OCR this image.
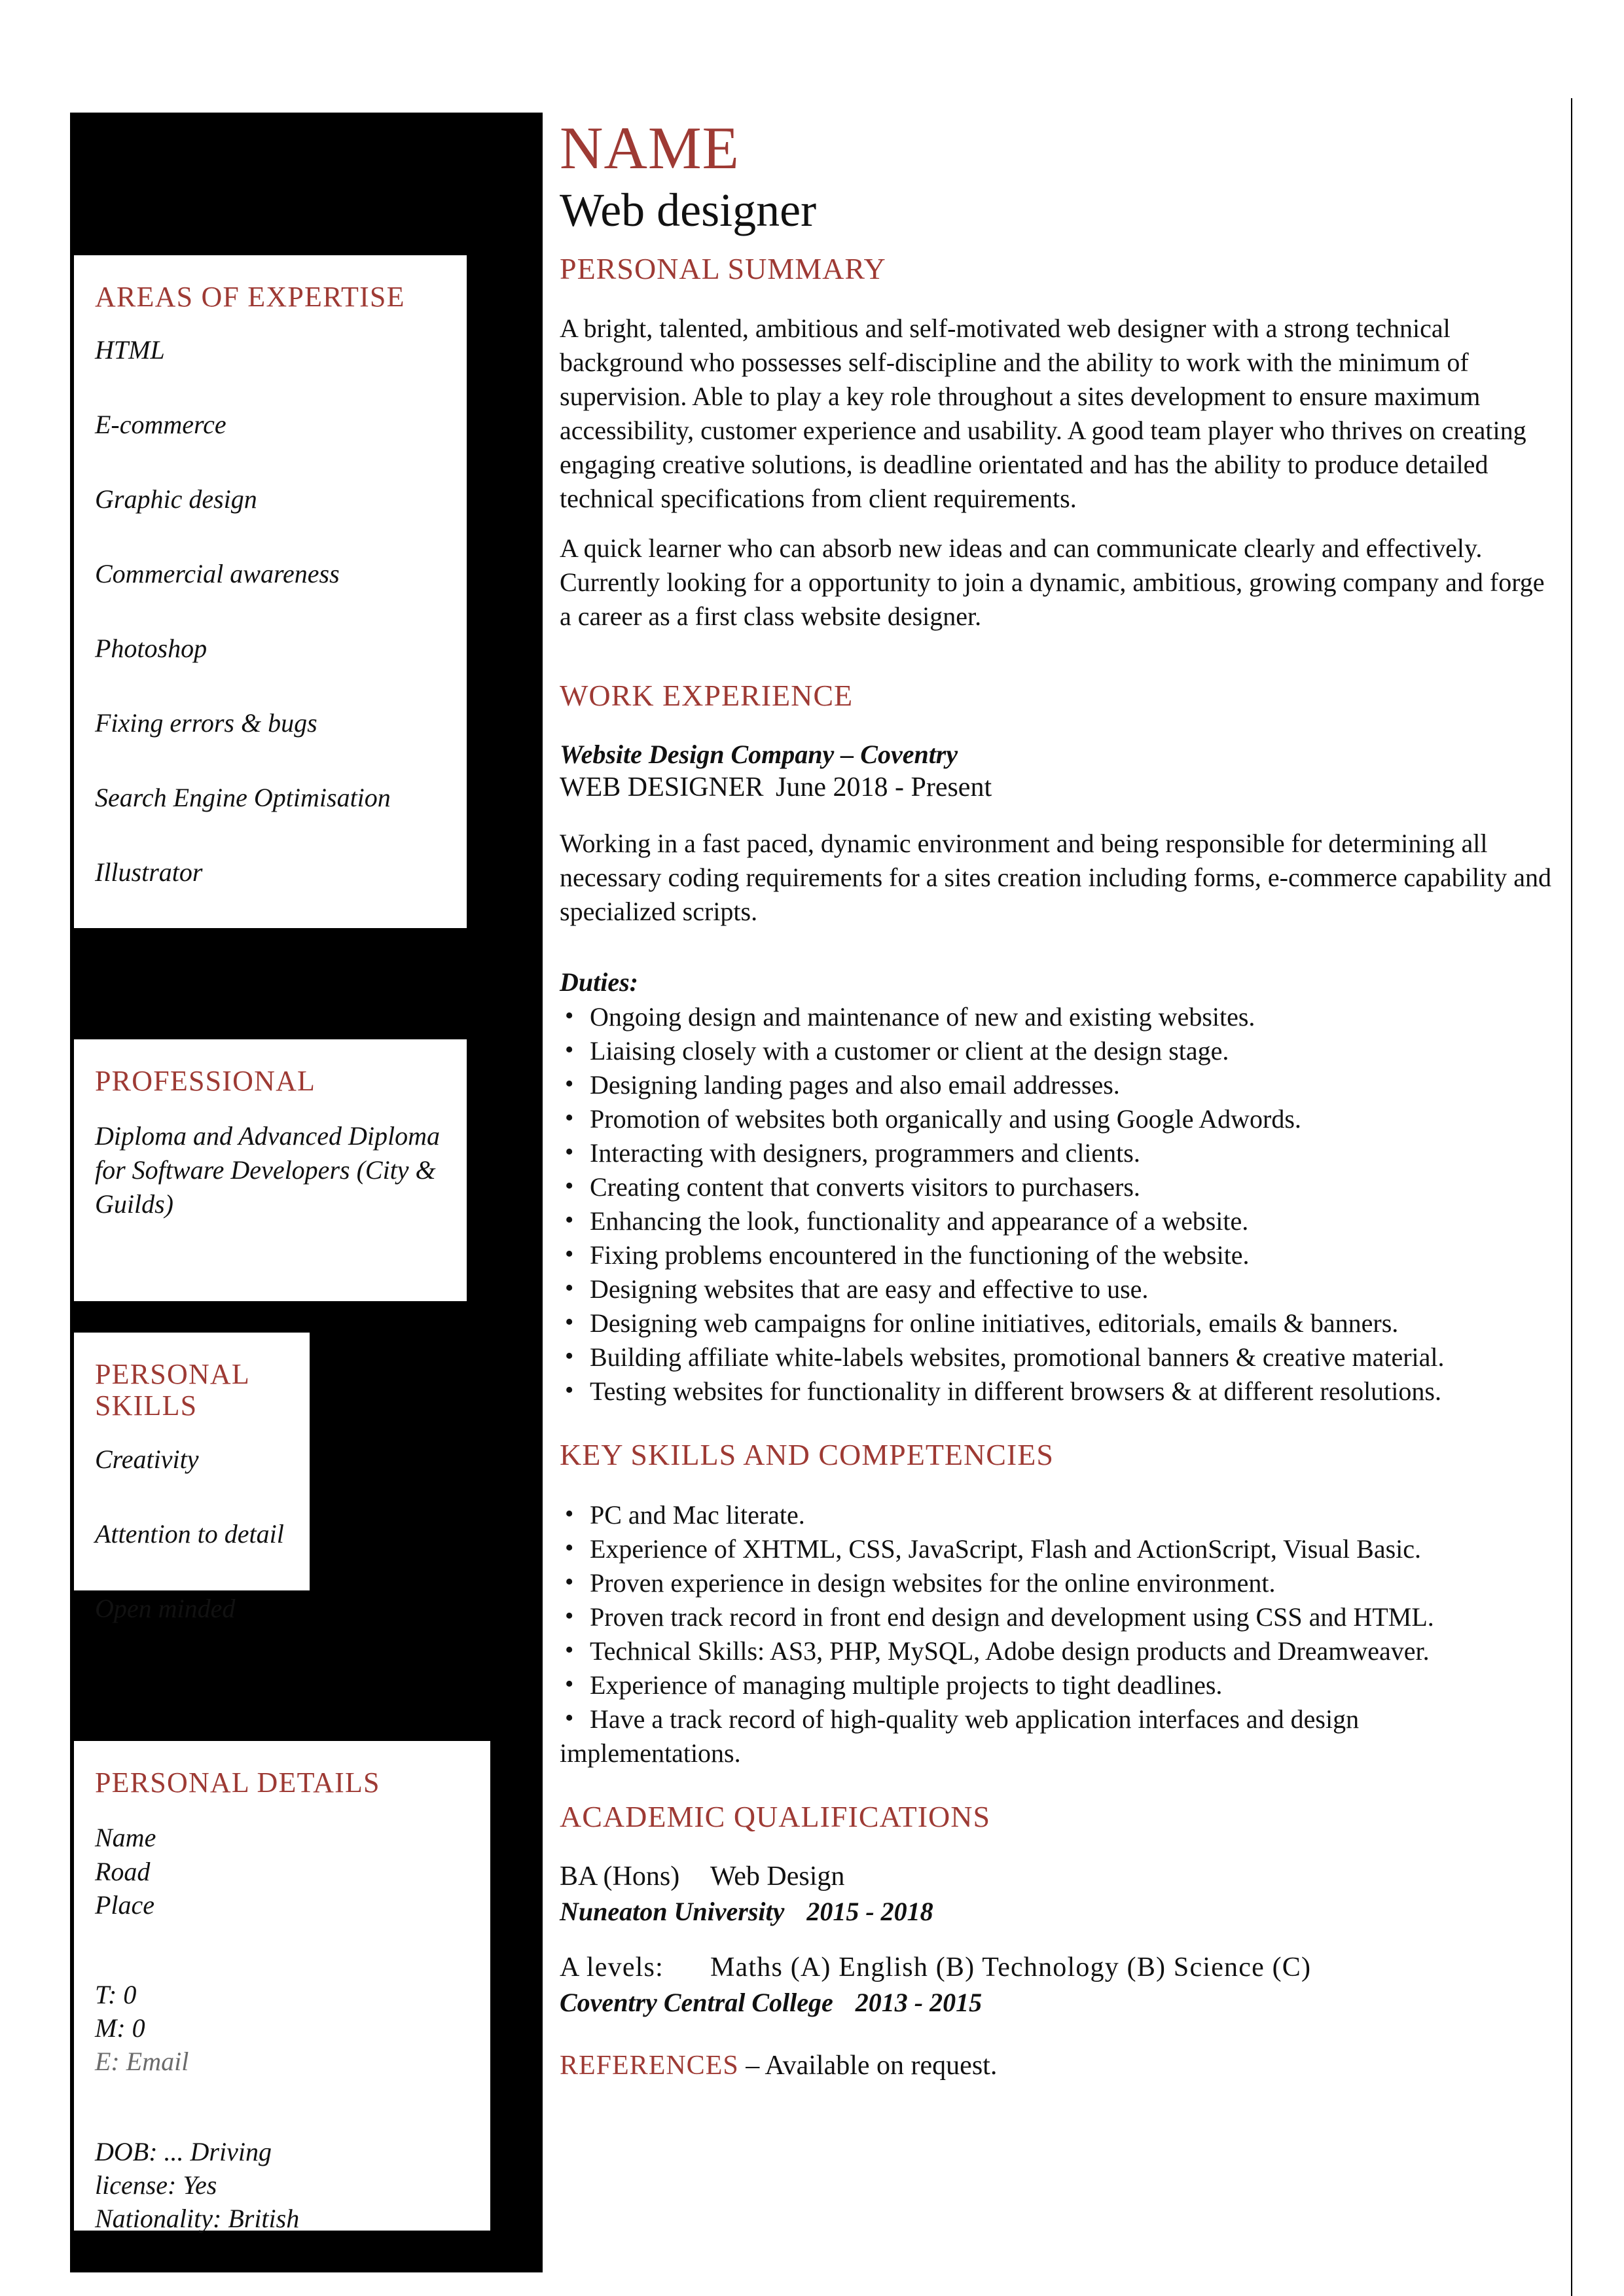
AREAS OF EXPERTISE
HTML
E-commerce
Graphic design
Commercial awareness
Photoshop
Fixing errors & bugs
Search Engine Optimisation
Illustrator
PROFESSIONAL
Diploma and Advanced Diploma for Software Developers (City & Guilds)
PERSONAL SKILLS
Creativity
Attention to detail
Open minded
PERSONAL DETAILS
Name
Road
Place
T: 0
M: 0
E: Email
DOB: ... Driving
license: Yes
Nationality: British
NAME
Web designer
PERSONAL SUMMARY
A bright, talented, ambitious and self-motivated web designer with a strong technical background who possesses self-discipline and the ability to work with the minimum of supervision. Able to play a key role throughout a sites development to ensure maximum accessibility, customer experience and usability. A good team player who thrives on creating engaging creative solutions, is deadline orientated and has the ability to produce detailed technical specifications from client requirements.
A quick learner who can absorb new ideas and can communicate clearly and effectively. Currently looking for a opportunity to join a dynamic, ambitious, growing company and forge a career as a first class website designer.
WORK EXPERIENCE
Website Design Company – Coventry
WEB DESIGNER June 2018 - Present
Working in a fast paced, dynamic environment and being responsible for determining all necessary coding requirements for a sites creation including forms, e-commerce capability and specialized scripts.
Duties:
• Ongoing design and maintenance of new and existing websites.
• Liaising closely with a customer or client at the design stage.
• Designing landing pages and also email addresses.
• Promotion of websites both organically and using Google Adwords.
• Interacting with designers, programmers and clients.
• Creating content that converts visitors to purchasers.
• Enhancing the look, functionality and appearance of a website.
• Fixing problems encountered in the functioning of the website.
• Designing websites that are easy and effective to use.
• Designing web campaigns for online initiatives, editorials, emails & banners.
• Building affiliate white-labels websites, promotional banners & creative material.
• Testing websites for functionality in different browsers & at different resolutions.
KEY SKILLS AND COMPETENCIES
• PC and Mac literate.
• Experience of XHTML, CSS, JavaScript, Flash and ActionScript, Visual Basic.
• Proven experience in design websites for the online environment.
• Proven track record in front end design and development using CSS and HTML.
• Technical Skills: AS3, PHP, MySQL, Adobe design products and Dreamweaver.
• Experience of managing multiple projects to tight deadlines.
• Have a track record of high-quality web application interfaces and design
implementations.
ACADEMIC QUALIFICATIONS
BA (Hons) Web Design
Nuneaton University 2015 - 2018
A levels: Maths (A) English (B) Technology (B) Science (C)
Coventry Central College 2013 - 2015
REFERENCES – Available on request.
